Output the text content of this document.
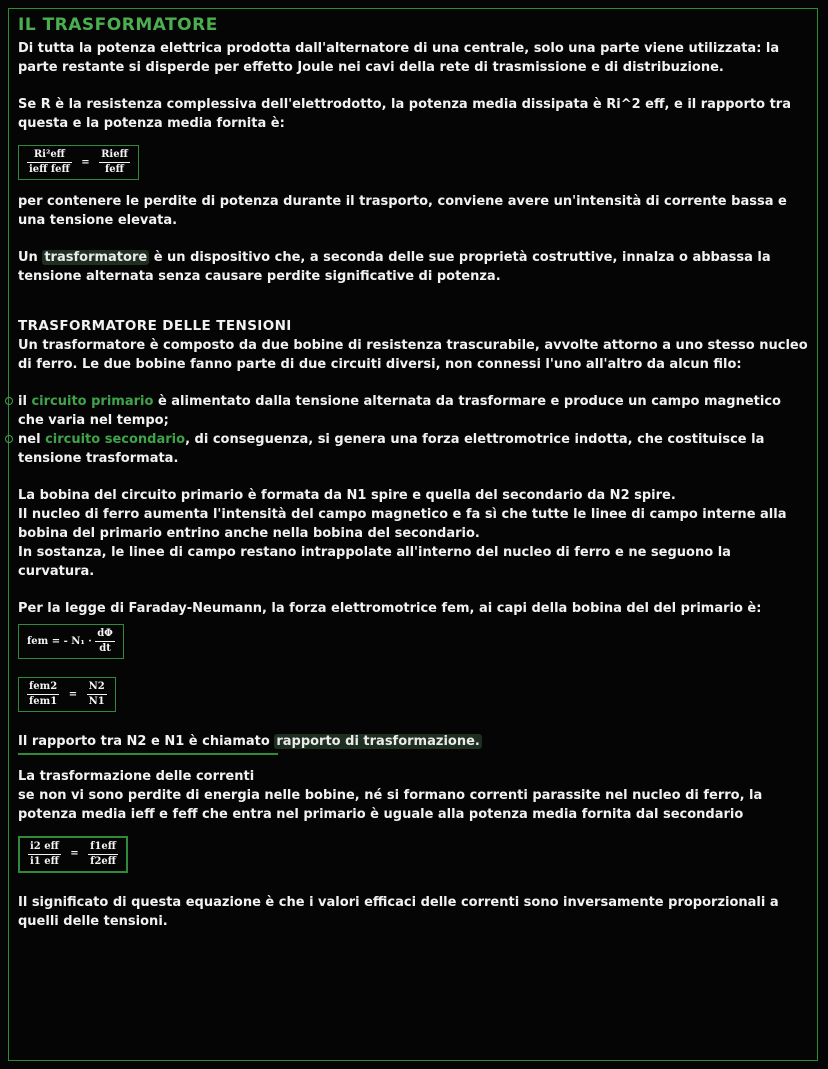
IL TRASFORMATORE

Di tutta la potenza elettrica prodotta dall'alternatore di una centrale, solo una parte viene utilizzata: la parte restante si disperde per effetto Joule nei cavi della rete di trasmissione e di distribuzione.

Se R è la resistenza complessiva dell'elettrodotto, la potenza media dissipata è Ri^2 eff, e il rapporto tra questa e la potenza media fornita è:

$\frac{\text{Ri²eff}}{\text{ieff feff}} = \frac{\text{Rieff}}{\text{feff}}$

per contenere le perdite di potenza durante il trasporto, conviene avere un'intensità di corrente bassa e una tensione elevata.

Un trasformatore è un dispositivo che, a seconda delle sue proprietà costruttive, innalza o abbassa la tensione alternata senza causare perdite significative di potenza.

TRASFORMATORE DELLE TENSIONI

Un trasformatore è composto da due bobine di resistenza trascurabile, avvolte attorno a uno stesso nucleo di ferro. Le due bobine fanno parte di due circuiti diversi, non connessi l'uno all'altro da alcun filo:

il circuito primario è alimentato dalla tensione alternata da trasformare e produce un campo magnetico che varia nel tempo;
nel circuito secondario, di conseguenza, si genera una forza elettromotrice indotta, che costituisce la tensione trasformata.

La bobina del circuito primario è formata da N1 spire e quella del secondario da N2 spire.

Il nucleo di ferro aumenta l'intensità del campo magnetico e fa sì che tutte le linee di campo interne alla bobina del primario entrino anche nella bobina del secondario.

In sostanza, le linee di campo restano intrappolate all'interno del nucleo di ferro e ne seguono la curvatura.

Per la legge di Faraday-Neumann, la forza elettromotrice fem, ai capi della bobina del del primario è:

fem = - $N_1 \cdot \frac{d\Phi}{dt}$
$\frac{\text{fem2}}{\text{fem1}} = \frac{N2}{N1}$

Il rapporto tra N2 e N1 è chiamato rapporto di trasformazione.

La trasformazione delle correnti

se non vi sono perdite di energia nelle bobine, né si formano correnti parassite nel nucleo di ferro, la potenza media ieff e feff che entra nel primario è uguale alla potenza media fornita dal secondario

$\frac{\text{i2 eff}}{\text{i1 eff}} = \frac{\text{f1eff}}{\text{f2eff}}$

Il significato di questa equazione è che i valori efficaci delle correnti sono inversamente proporzionali a quelli delle tensioni.
